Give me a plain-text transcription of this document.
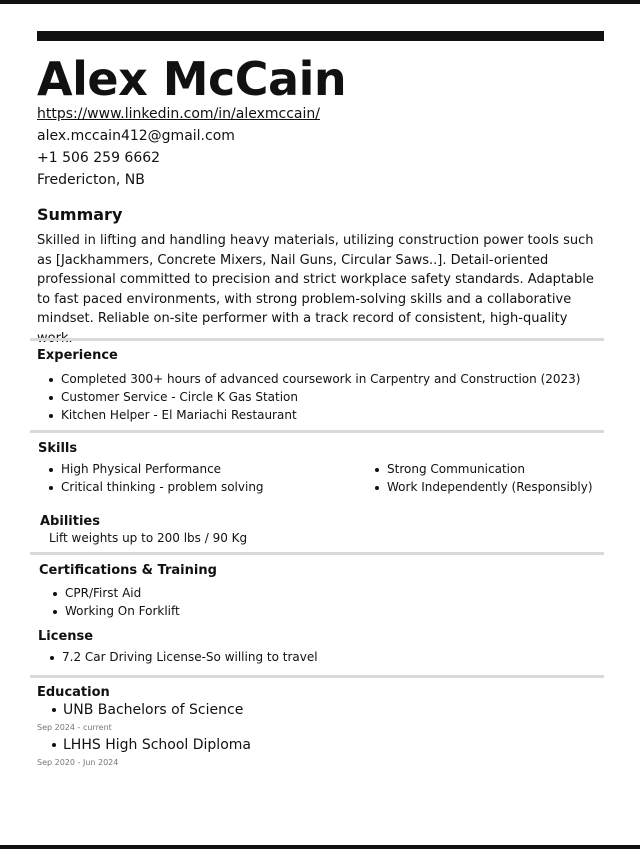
Alex McCain
https://www.linkedin.com/in/alexmccain/
alex.mccain412@gmail.com
+1 506 259 6662
Fredericton, NB
Summary
Skilled in lifting and handling heavy materials, utilizing construction power tools such as [Jackhammers, Concrete Mixers, Nail Guns, Circular Saws..]. Detail-oriented professional committed to precision and strict workplace safety standards. Adaptable to fast paced environments, with strong problem-solving skills and a collaborative mindset. Reliable on-site performer with a track record of consistent, high-quality
Experience
Completed 300+ hours of advanced coursework in Carpentry and Construction (2023)
Customer Service - Circle K Gas Station
Kitchen Helper - El Mariachi Restaurant
Skills
High Physical Performance
Critical thinking - problem solving
Strong Communication
Work Independently (Responsibly)
Abilities
Lift weights up to 200 lbs / 90 Kg
Certifications & Training
CPR/First Aid
Working On Forklift
License
7.2 Car Driving License-So willing to travel
Education
UNB Bachelors of Science
Sep 2024 - current
LHHS High School Diploma
Sep 2020 - Jun 2024
